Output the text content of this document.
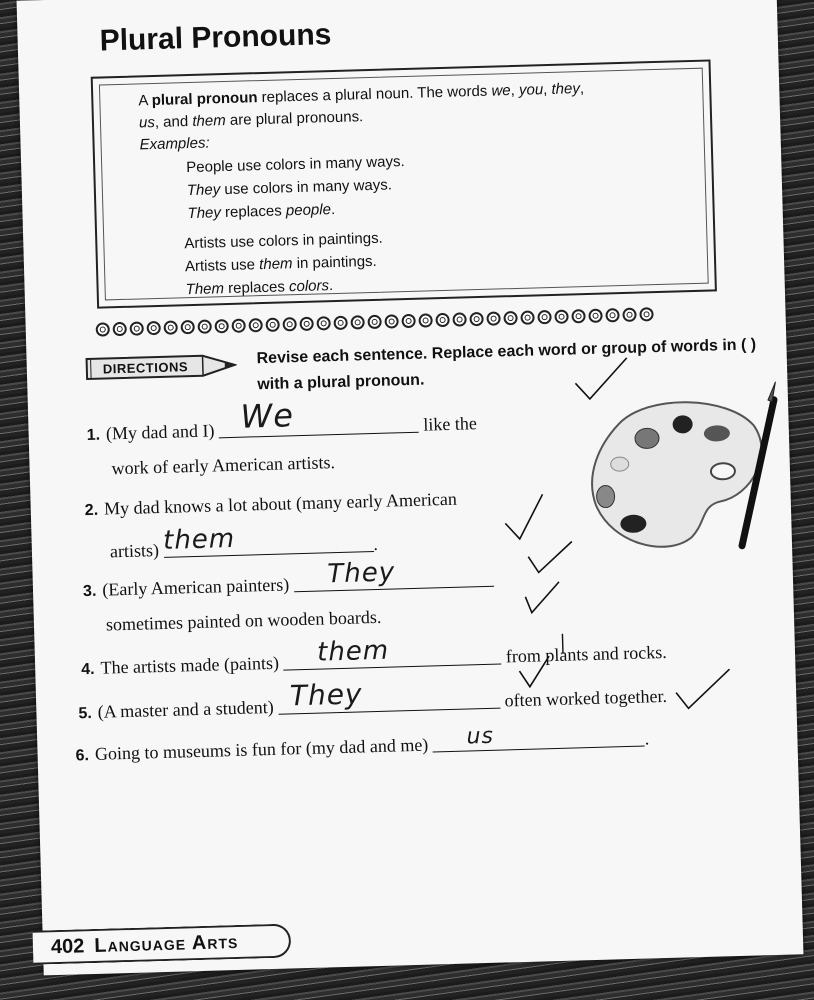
Plural Pronouns
A plural pronoun replaces a plural noun. The words we, you, they,
us, and them are plural pronouns.
Examples:
People use colors in many ways.
They use colors in many ways.
They replaces people.
Artists use colors in paintings.
Artists use them in paintings.
Them replaces colors.
DIRECTIONS
Revise each sentence. Replace each word or group of words in ( ) with a plural pronoun.
1. (My dad and I) We	like the
work of early American artists.
2. My dad knows a lot about (many early American
artists) them	.
3. (Early American painters) They
sometimes painted on wooden boards.
4. The artists made (paints) them	from plants and rocks.
5. (A master and a student) They	often worked together.
6. Going to museums is fun for (my dad and me) us	.
402 Language Arts
